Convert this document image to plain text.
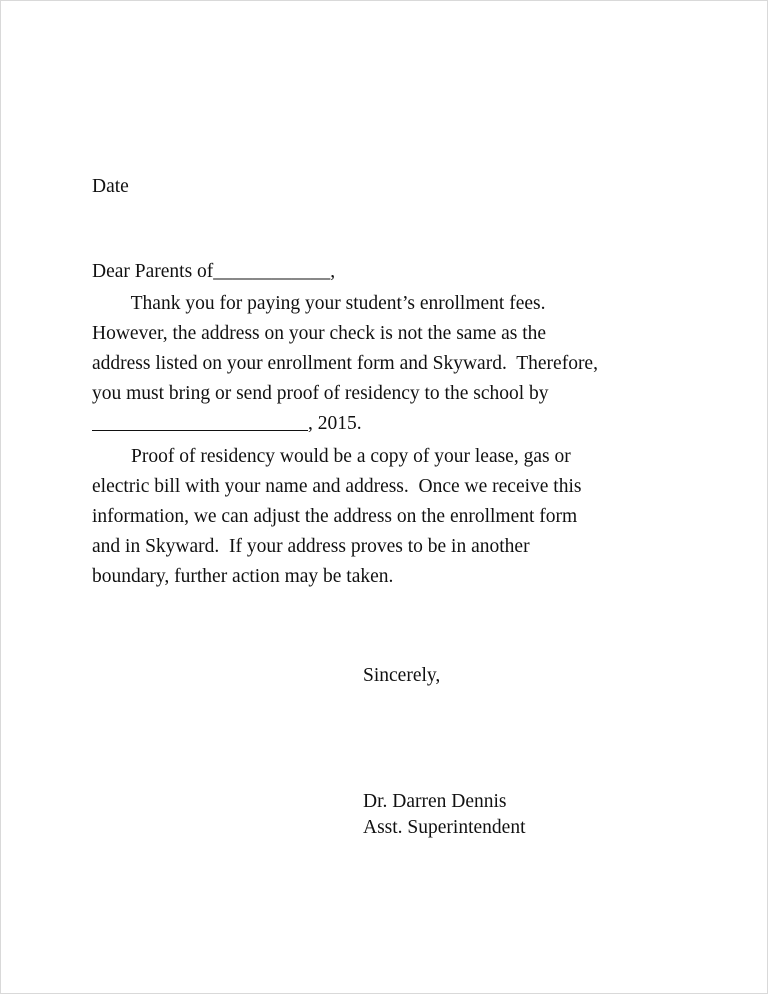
Date
Dear Parents of____________,
Thank you for paying your student’s enrollment fees.
However, the address on your check is not the same as the
address listed on your enrollment form and Skyward.  Therefore,
you must bring or send proof of residency to the school by
, 2015.
Proof of residency would be a copy of your lease, gas or
electric bill with your name and address.  Once we receive this
information, we can adjust the address on the enrollment form
and in Skyward.  If your address proves to be in another
boundary, further action may be taken.
Sincerely,
Dr. Darren Dennis
Asst. Superintendent
